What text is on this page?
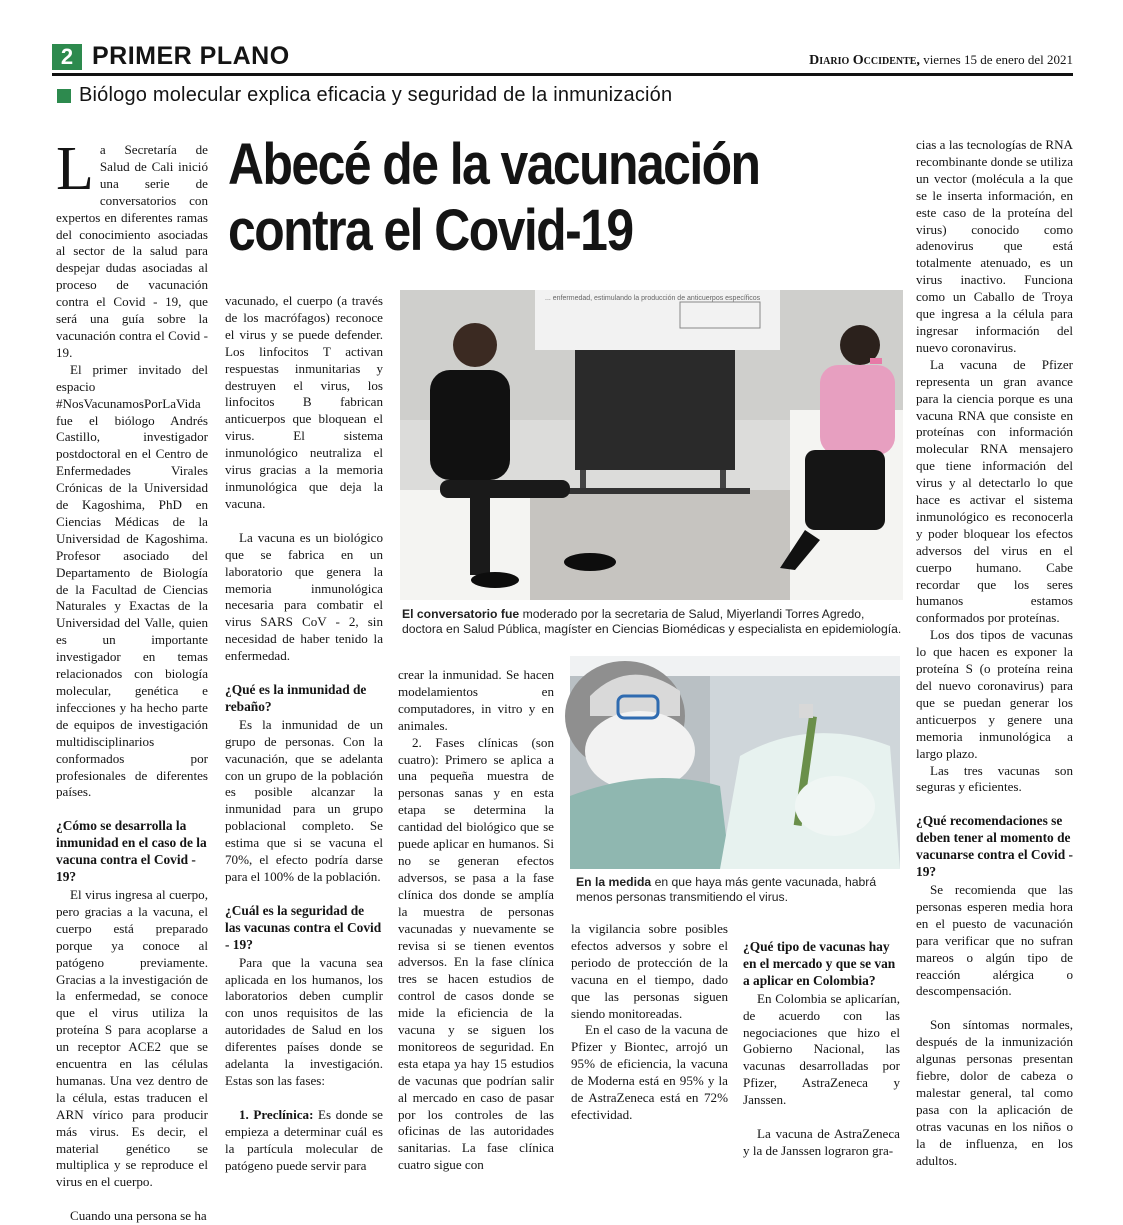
2 PRIMER PLANO	Diario Occidente, viernes 15 de enero del 2021
Biólogo molecular explica eficacia y seguridad de la inmunización
Abecé de la vacunación
contra el Covid-19

La Secretaría de Salud de Cali inició una serie de conversatorios con expertos en diferentes ramas del conocimiento asociadas al sector de la salud para despejar dudas asociadas al proceso de vacunación contra el Covid - 19, que será una guía sobre la vacunación contra el Covid - 19.

El primer invitado del espacio #NosVacunamosPorLaVida fue el biólogo Andrés Castillo, investigador postdoctoral en el Centro de Enfermedades Virales Crónicas de la Universidad de Kagoshima, PhD en Ciencias Médicas de la Universidad de Kagoshima. Profesor asociado del Departamento de Biología de la Facultad de Ciencias Naturales y Exactas de la Universidad del Valle, quien es un importante investigador en temas relacionados con biología molecular, genética e infecciones y ha hecho parte de equipos de investigación multidisciplinarios conformados por profesionales de diferentes países.

¿Cómo se desarrolla la inmunidad en el caso de la vacuna contra el Covid - 19?

El virus ingresa al cuerpo, pero gracias a la vacuna, el cuerpo está preparado porque ya conoce al patógeno previamente. Gracias a la investigación de la enfermedad, se conoce que el virus utiliza la proteína S para acoplarse a un receptor ACE2 que se encuentra en las células humanas. Una vez dentro de la célula, estas traducen el ARN vírico para producir más virus. Es decir, el material genético se multiplica y se reproduce el virus en el cuerpo.

Cuando una persona se ha

vacunado, el cuerpo (a través de los macrófagos) reconoce el virus y se puede defender. Los linfocitos T activan respuestas inmunitarias y destruyen el virus, los linfocitos B fabrican anticuerpos que bloquean el virus. El sistema inmunológico neutraliza el virus gracias a la memoria inmunológica que deja la vacuna.

La vacuna es un biológico que se fabrica en un laboratorio que genera la memoria inmunológica necesaria para combatir el virus SARS CoV - 2, sin necesidad de haber tenido la enfermedad.

¿Qué es la inmunidad de rebaño?

Es la inmunidad de un grupo de personas. Con la vacunación, que se adelanta con un grupo de la población es posible alcanzar la inmunidad para un grupo poblacional completo. Se estima que si se vacuna el 70%, el efecto podría darse para el 100% de la población.

¿Cuál es la seguridad de las vacunas contra el Covid - 19?

Para que la vacuna sea aplicada en los humanos, los laboratorios deben cumplir con unos requisitos de las autoridades de Salud en los diferentes países donde se adelanta la investigación. Estas son las fases:

1. Preclínica: Es donde se empieza a determinar cuál es la partícula molecular de patógeno puede servir para

... enfermedad, estimulando la producción de anticuerpos específicos
El conversatorio fue moderado por la secretaria de Salud, Miyerlandi Torres Agredo, doctora en Salud Pública, magíster en Ciencias Biomédicas y especialista en epidemiología.

crear la inmunidad. Se hacen modelamientos en computadores, in vitro y en animales.

2. Fases clínicas (son cuatro): Primero se aplica a una pequeña muestra de personas sanas y en esta etapa se determina la cantidad del biológico que se puede aplicar en humanos. Si no se generan efectos adversos, se pasa a la fase clínica dos donde se amplía la muestra de personas vacunadas y nuevamente se revisa si se tienen eventos adversos. En la fase clínica tres se hacen estudios de control de casos donde se mide la eficiencia de la vacuna y se siguen los monitoreos de seguridad. En esta etapa ya hay 15 estudios de vacunas que podrían salir al mercado en caso de pasar por los controles de las oficinas de las autoridades sanitarias. La fase clínica cuatro sigue con

En la medida en que haya más gente vacunada, habrá menos personas transmitiendo el virus.

la vigilancia sobre posibles efectos adversos y sobre el periodo de protección de la vacuna en el tiempo, dado que las personas siguen siendo monitoreadas.

En el caso de la vacuna de Pfizer y Biontec, arrojó un 95% de eficiencia, la vacuna de Moderna está en 95% y la de AstraZeneca está en 72% efectividad.

¿Qué tipo de vacunas hay en el mercado y que se van a aplicar en Colombia?

En Colombia se aplicarían, de acuerdo con las negociaciones que hizo el Gobierno Nacional, las vacunas desarrolladas por Pfizer, AstraZeneca y Janssen.

La vacuna de AstraZeneca y la de Janssen lograron gra-

cias a las tecnologías de RNA recombinante donde se utiliza un vector (molécula a la que se le inserta información, en este caso de la proteína del virus) conocido como adenovirus que está totalmente atenuado, es un virus inactivo. Funciona como un Caballo de Troya que ingresa a la célula para ingresar información del nuevo coronavirus.

La vacuna de Pfizer representa un gran avance para la ciencia porque es una vacuna RNA que consiste en proteínas con información molecular RNA mensajero que tiene información del virus y al detectarlo lo que hace es activar el sistema inmunológico es reconocerla y poder bloquear los efectos adversos del virus en el cuerpo humano. Cabe recordar que los seres humanos estamos conformados por proteínas.

Los dos tipos de vacunas lo que hacen es exponer la proteína S (o proteína reina del nuevo coronavirus) para que se puedan generar los anticuerpos y genere una memoria inmunológica a largo plazo.

Las tres vacunas son seguras y eficientes.

¿Qué recomendaciones se deben tener al momento de vacunarse contra el Covid - 19?

Se recomienda que las personas esperen media hora en el puesto de vacunación para verificar que no sufran mareos o algún tipo de reacción alérgica o descompensación.

Son síntomas normales, después de la inmunización algunas personas presentan fiebre, dolor de cabeza o malestar general, tal como pasa con la aplicación de otras vacunas en los niños o la de influenza, en los adultos.
